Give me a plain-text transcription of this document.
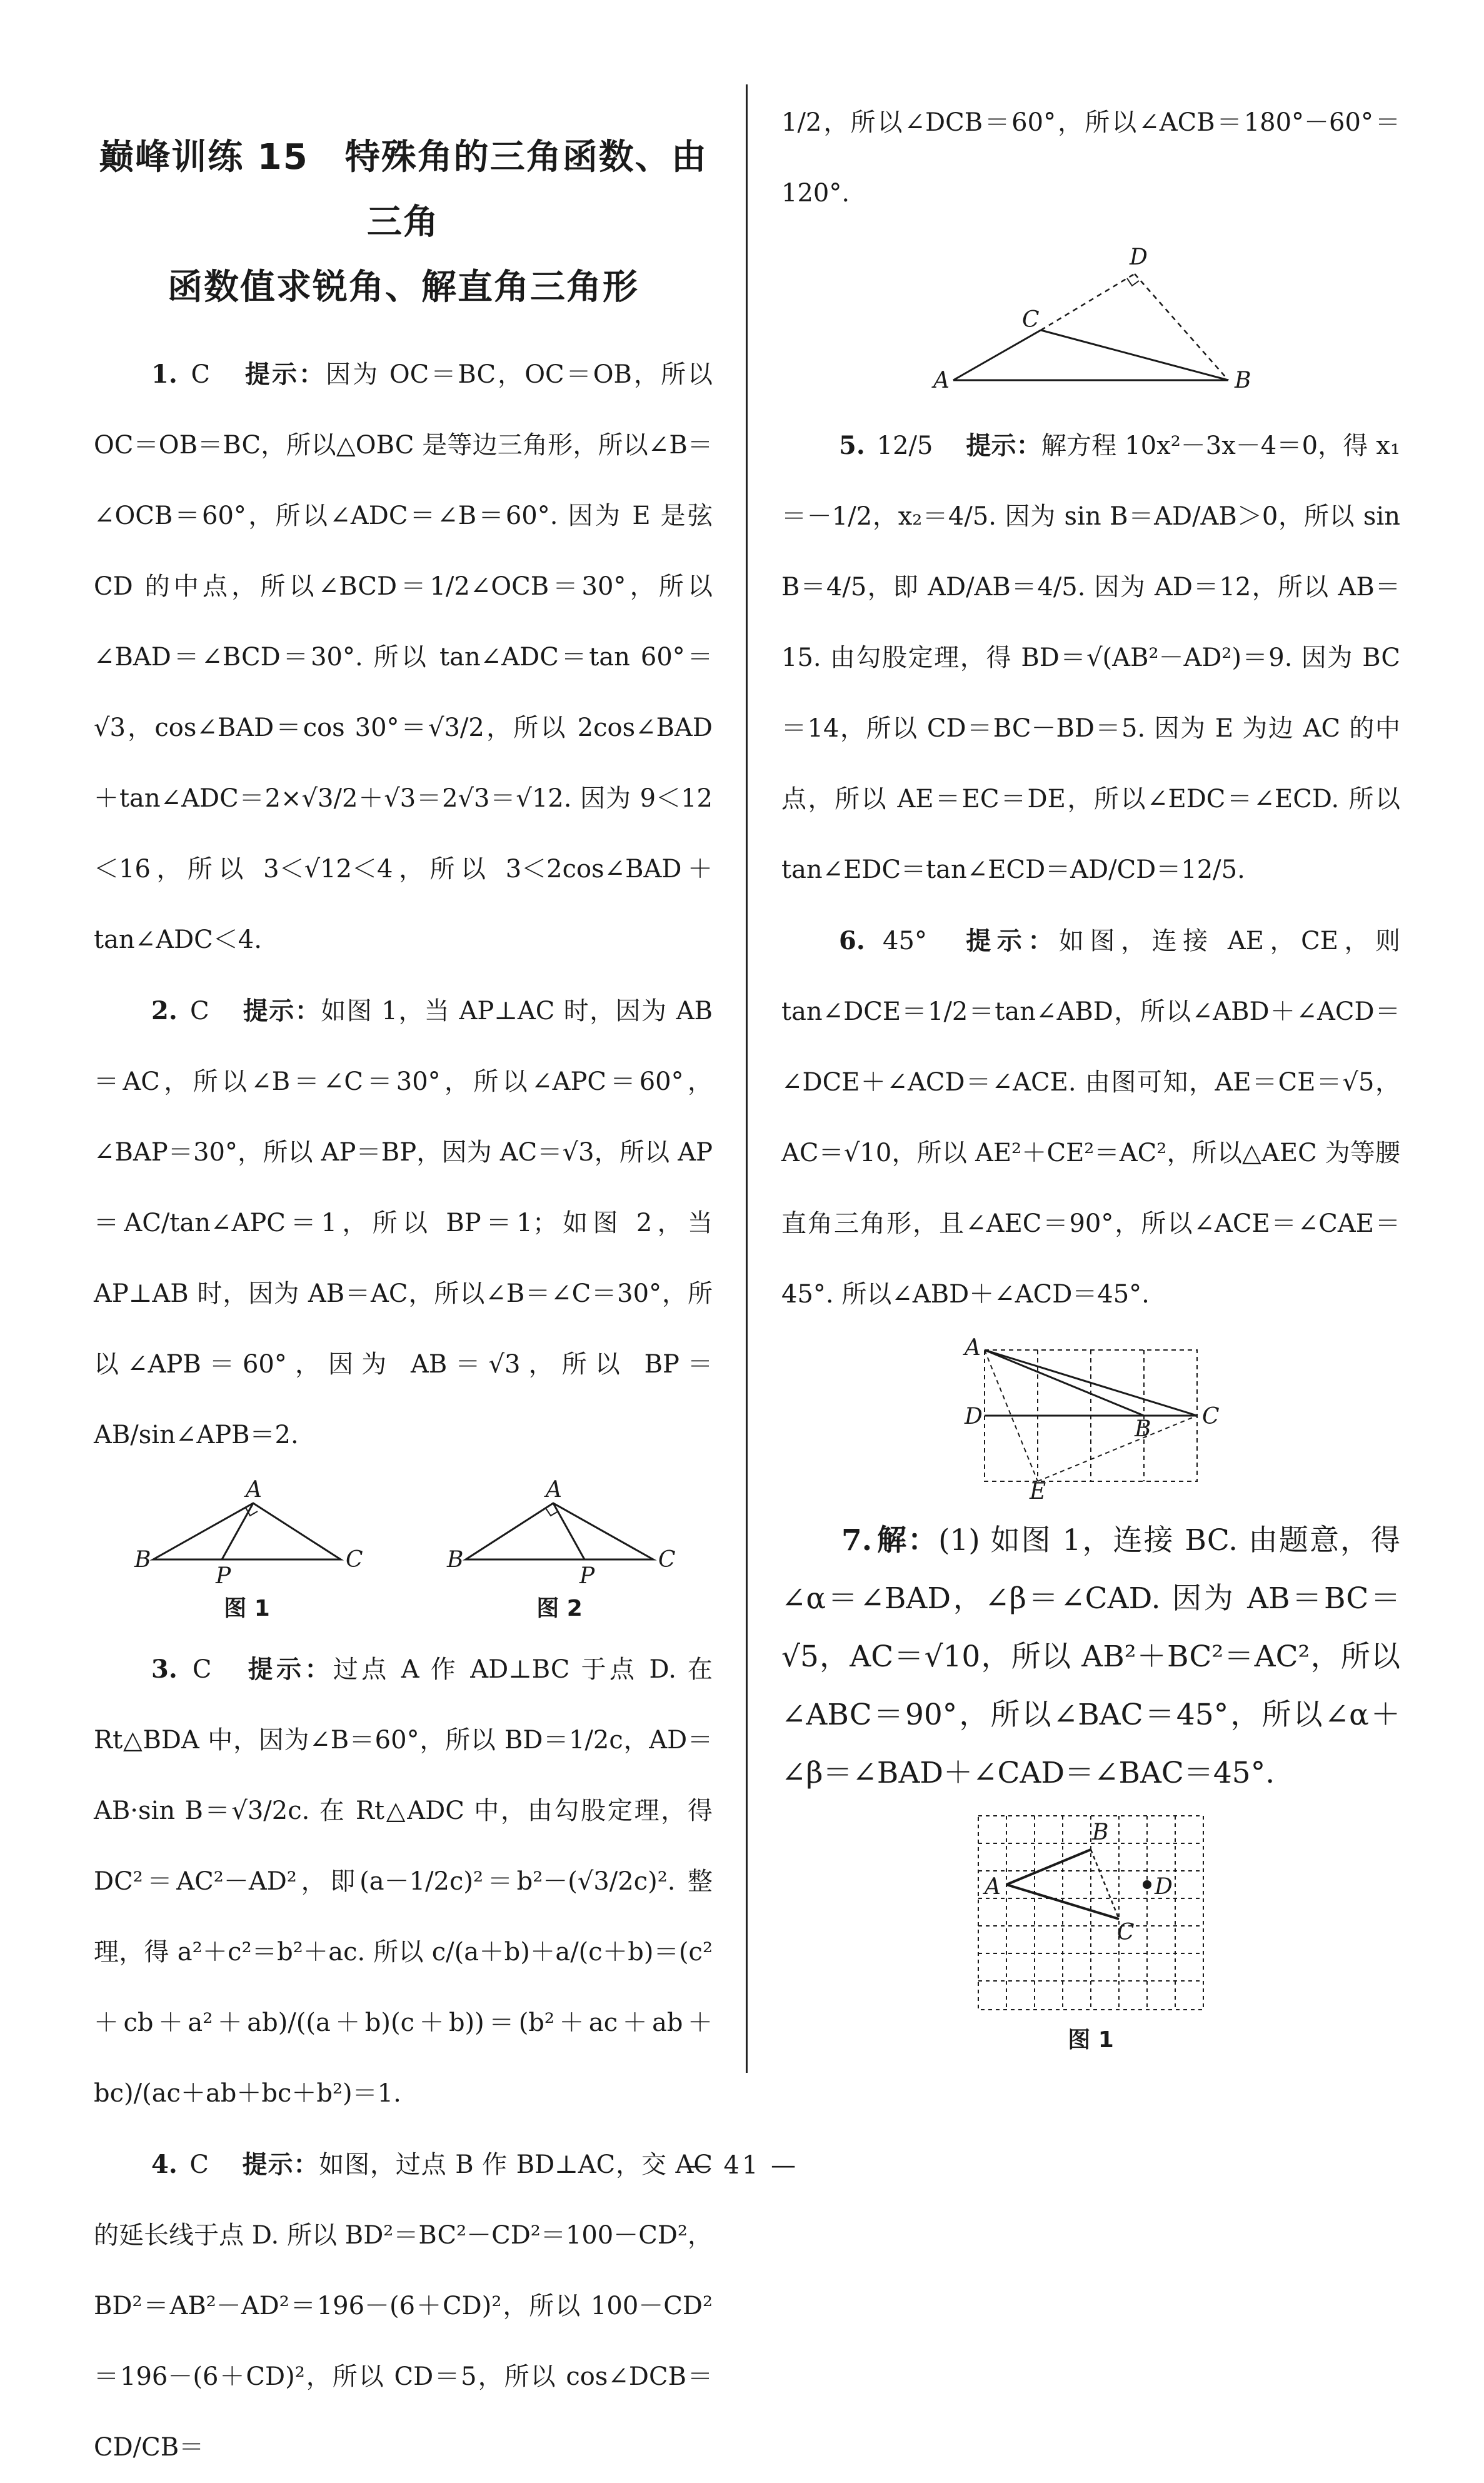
巅峰训练 15　特殊角的三角函数、由三角
函数值求锐角、解直角三角形

1. C 提示：因为 OC＝BC，OC＝OB，所以 OC＝OB＝BC，所以△OBC 是等边三角形，所以∠B＝∠OCB＝60°，所以∠ADC＝∠B＝60°. 因为 E 是弦 CD 的中点，所以∠BCD＝1/2∠OCB＝30°，所以∠BAD＝∠BCD＝30°. 所以 tan∠ADC＝tan 60°＝√3，cos∠BAD＝cos 30°＝√3/2，所以 2cos∠BAD＋tan∠ADC＝2×√3/2＋√3＝2√3＝√12. 因为 9＜12＜16，所以 3＜√12＜4，所以 3＜2cos∠BAD＋tan∠ADC＜4.

2. C 提示：如图 1，当 AP⊥AC 时，因为 AB＝AC，所以∠B＝∠C＝30°，所以∠APC＝60°，∠BAP＝30°，所以 AP＝BP，因为 AC＝√3，所以 AP＝AC/tan∠APC＝1，所以 BP＝1；如图 2，当 AP⊥AB 时，因为 AB＝AC，所以∠B＝∠C＝30°，所以∠APB＝60°，因为 AB＝√3，所以 BP＝AB/sin∠APB＝2.

A
B	C
P
图 1
A
B	C
P
图 2

3. C 提示：过点 A 作 AD⊥BC 于点 D. 在 Rt△BDA 中，因为∠B＝60°，所以 BD＝1/2c，AD＝AB·sin B＝√3/2c. 在 Rt△ADC 中，由勾股定理，得 DC²＝AC²－AD²，即(a－1/2c)²＝b²－(√3/2c)². 整理，得 a²＋c²＝b²＋ac. 所以 c/(a＋b)＋a/(c＋b)＝(c²＋cb＋a²＋ab)/((a＋b)(c＋b))＝(b²＋ac＋ab＋bc)/(ac＋ab＋bc＋b²)＝1.

4. C 提示：如图，过点 B 作 BD⊥AC，交 AC 的延长线于点 D. 所以 BD²＝BC²－CD²＝100－CD²，BD²＝AB²－AD²＝196－(6＋CD)²，所以 100－CD²＝196－(6＋CD)²，所以 CD＝5，所以 cos∠DCB＝CD/CB＝

1/2，所以∠DCB＝60°，所以∠ACB＝180°－60°＝120°.

D
C
A	B

5. 12/5 提示：解方程 10x²－3x－4＝0，得 x₁＝－1/2，x₂＝4/5. 因为 sin B＝AD/AB＞0，所以 sin B＝4/5，即 AD/AB＝4/5. 因为 AD＝12，所以 AB＝15. 由勾股定理，得 BD＝√(AB²－AD²)＝9. 因为 BC＝14，所以 CD＝BC－BD＝5. 因为 E 为边 AC 的中点，所以 AE＝EC＝DE，所以∠EDC＝∠ECD. 所以 tan∠EDC＝tan∠ECD＝AD/CD＝12/5.

6. 45° 提示：如图，连接 AE，CE，则 tan∠DCE＝1/2＝tan∠ABD，所以∠ABD＋∠ACD＝∠DCE＋∠ACD＝∠ACE. 由图可知，AE＝CE＝√5，AC＝√10，所以 AE²＋CE²＝AC²，所以△AEC 为等腰直角三角形，且∠AEC＝90°，所以∠ACE＝∠CAE＝45°. 所以∠ABD＋∠ACD＝45°.

A
D	B C
E

7. 解：(1) 如图 1，连接 BC. 由题意，得∠α＝∠BAD，∠β＝∠CAD. 因为 AB＝BC＝√5，AC＝√10，所以 AB²＋BC²＝AC²，所以∠ABC＝90°，所以∠BAC＝45°，所以∠α＋∠β＝∠BAD＋∠CAD＝∠BAC＝45°.

A
B
C
D
图 1
— 41 —
